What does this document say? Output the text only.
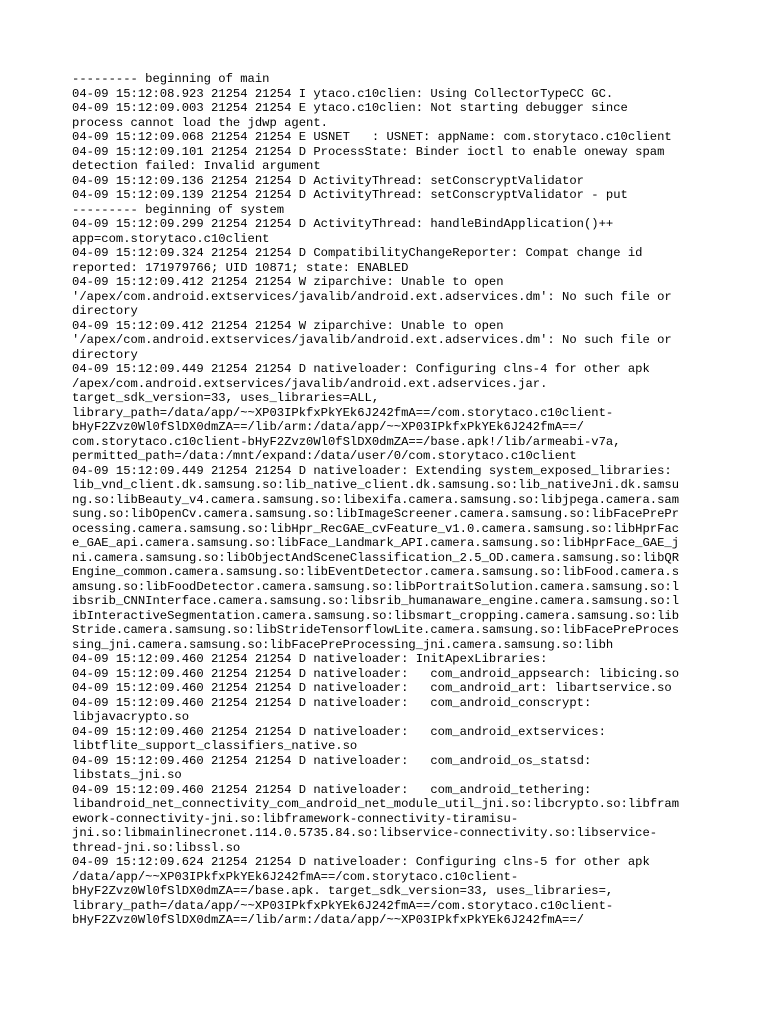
--------- beginning of main
04-09 15:12:08.923 21254 21254 I ytaco.c10clien: Using CollectorTypeCC GC.
04-09 15:12:09.003 21254 21254 E ytaco.c10clien: Not starting debugger since
process cannot load the jdwp agent.
04-09 15:12:09.068 21254 21254 E USNET   : USNET: appName: com.storytaco.c10client
04-09 15:12:09.101 21254 21254 D ProcessState: Binder ioctl to enable oneway spam
detection failed: Invalid argument
04-09 15:12:09.136 21254 21254 D ActivityThread: setConscryptValidator
04-09 15:12:09.139 21254 21254 D ActivityThread: setConscryptValidator - put
--------- beginning of system
04-09 15:12:09.299 21254 21254 D ActivityThread: handleBindApplication()++
app=com.storytaco.c10client
04-09 15:12:09.324 21254 21254 D CompatibilityChangeReporter: Compat change id
reported: 171979766; UID 10871; state: ENABLED
04-09 15:12:09.412 21254 21254 W ziparchive: Unable to open
'/apex/com.android.extservices/javalib/android.ext.adservices.dm': No such file or
directory
04-09 15:12:09.412 21254 21254 W ziparchive: Unable to open
'/apex/com.android.extservices/javalib/android.ext.adservices.dm': No such file or
directory
04-09 15:12:09.449 21254 21254 D nativeloader: Configuring clns-4 for other apk
/apex/com.android.extservices/javalib/android.ext.adservices.jar.
target_sdk_version=33, uses_libraries=ALL,
library_path=/data/app/~~XP03IPkfxPkYEk6J242fmA==/com.storytaco.c10client-
bHyF2Zvz0Wl0fSlDX0dmZA==/lib/arm:/data/app/~~XP03IPkfxPkYEk6J242fmA==/
com.storytaco.c10client-bHyF2Zvz0Wl0fSlDX0dmZA==/base.apk!/lib/armeabi-v7a,
permitted_path=/data:/mnt/expand:/data/user/0/com.storytaco.c10client
04-09 15:12:09.449 21254 21254 D nativeloader: Extending system_exposed_libraries:
lib_vnd_client.dk.samsung.so:lib_native_client.dk.samsung.so:lib_nativeJni.dk.samsu
ng.so:libBeauty_v4.camera.samsung.so:libexifa.camera.samsung.so:libjpega.camera.sam
sung.so:libOpenCv.camera.samsung.so:libImageScreener.camera.samsung.so:libFacePrePr
ocessing.camera.samsung.so:libHpr_RecGAE_cvFeature_v1.0.camera.samsung.so:libHprFac
e_GAE_api.camera.samsung.so:libFace_Landmark_API.camera.samsung.so:libHprFace_GAE_j
ni.camera.samsung.so:libObjectAndSceneClassification_2.5_OD.camera.samsung.so:libQR
Engine_common.camera.samsung.so:libEventDetector.camera.samsung.so:libFood.camera.s
amsung.so:libFoodDetector.camera.samsung.so:libPortraitSolution.camera.samsung.so:l
ibsrib_CNNInterface.camera.samsung.so:libsrib_humanaware_engine.camera.samsung.so:l
ibInteractiveSegmentation.camera.samsung.so:libsmart_cropping.camera.samsung.so:lib
Stride.camera.samsung.so:libStrideTensorflowLite.camera.samsung.so:libFacePreProces
sing_jni.camera.samsung.so:libFacePreProcessing_jni.camera.samsung.so:libh
04-09 15:12:09.460 21254 21254 D nativeloader: InitApexLibraries:
04-09 15:12:09.460 21254 21254 D nativeloader:   com_android_appsearch: libicing.so
04-09 15:12:09.460 21254 21254 D nativeloader:   com_android_art: libartservice.so
04-09 15:12:09.460 21254 21254 D nativeloader:   com_android_conscrypt:
libjavacrypto.so
04-09 15:12:09.460 21254 21254 D nativeloader:   com_android_extservices:
libtflite_support_classifiers_native.so
04-09 15:12:09.460 21254 21254 D nativeloader:   com_android_os_statsd:
libstats_jni.so
04-09 15:12:09.460 21254 21254 D nativeloader:   com_android_tethering:
libandroid_net_connectivity_com_android_net_module_util_jni.so:libcrypto.so:libfram
ework-connectivity-jni.so:libframework-connectivity-tiramisu-
jni.so:libmainlinecronet.114.0.5735.84.so:libservice-connectivity.so:libservice-
thread-jni.so:libssl.so
04-09 15:12:09.624 21254 21254 D nativeloader: Configuring clns-5 for other apk
/data/app/~~XP03IPkfxPkYEk6J242fmA==/com.storytaco.c10client-
bHyF2Zvz0Wl0fSlDX0dmZA==/base.apk. target_sdk_version=33, uses_libraries=,
library_path=/data/app/~~XP03IPkfxPkYEk6J242fmA==/com.storytaco.c10client-
bHyF2Zvz0Wl0fSlDX0dmZA==/lib/arm:/data/app/~~XP03IPkfxPkYEk6J242fmA==/
